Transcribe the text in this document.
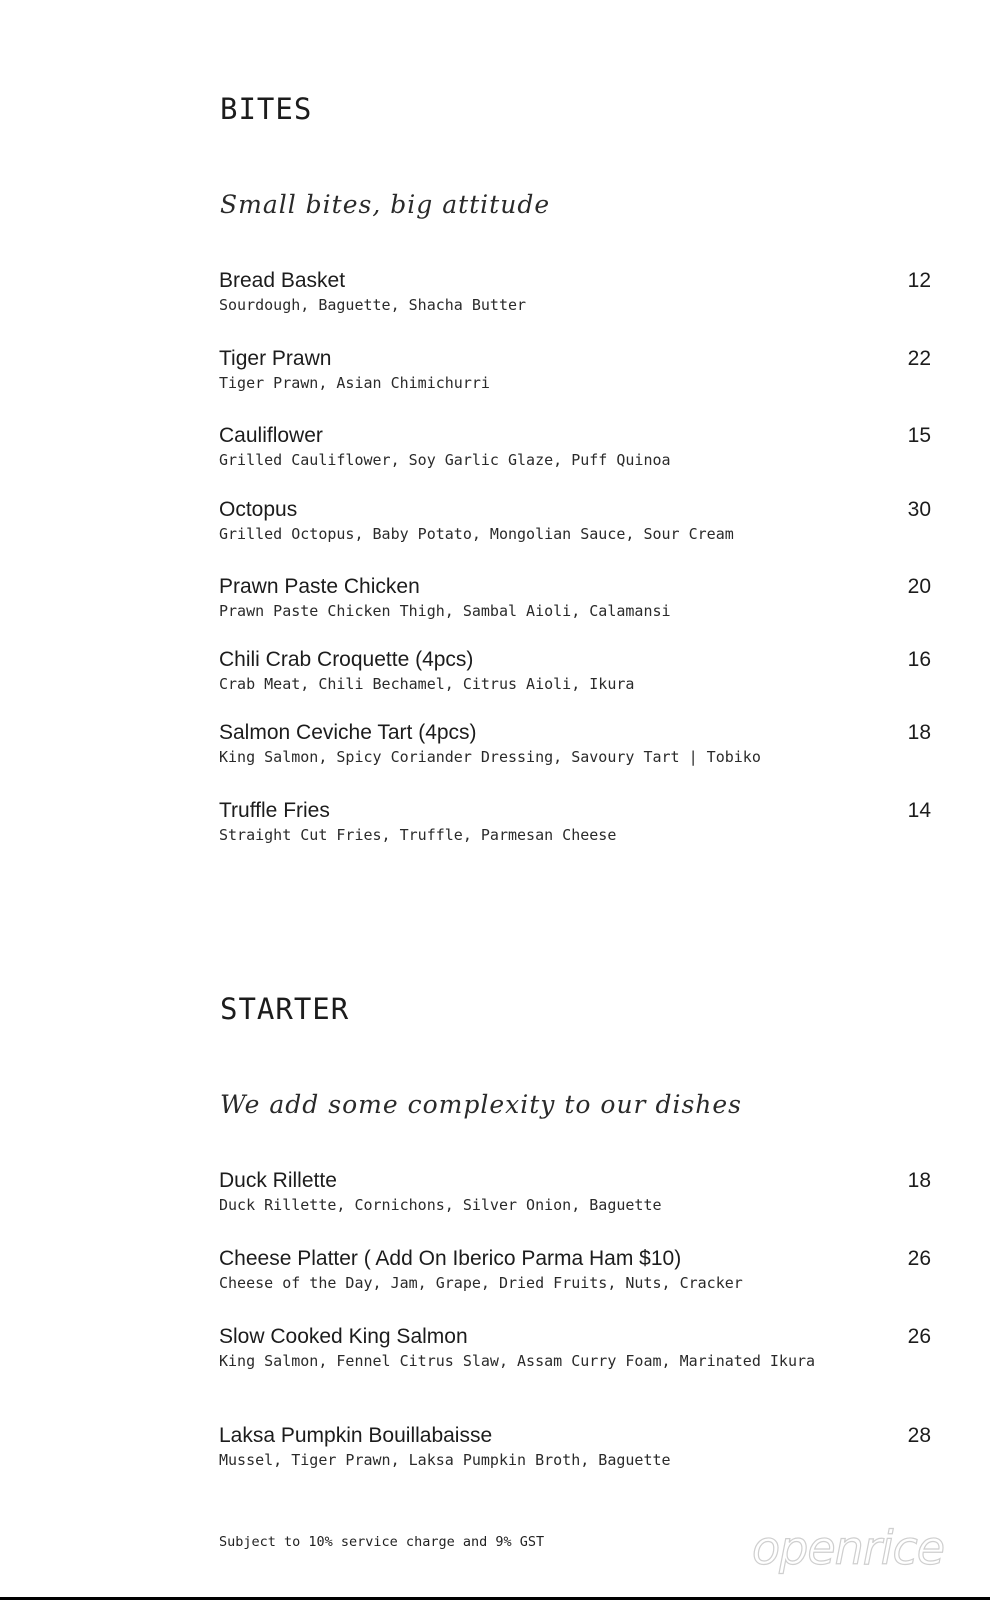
BITES
Small bites, big attitude
Bread Basket
Sourdough, Baguette, Shacha Butter
12
Tiger Prawn
Tiger Prawn, Asian Chimichurri
22
Cauliflower
Grilled Cauliflower, Soy Garlic Glaze, Puff Quinoa
15
Octopus
Grilled Octopus, Baby Potato, Mongolian Sauce, Sour Cream
30
Prawn Paste Chicken
Prawn Paste Chicken Thigh, Sambal Aioli, Calamansi
20
Chili Crab Croquette (4pcs)
Crab Meat, Chili Bechamel, Citrus Aioli, Ikura
16
Salmon Ceviche Tart (4pcs)
King Salmon, Spicy Coriander Dressing, Savoury Tart | Tobiko
18
Truffle Fries
Straight Cut Fries, Truffle, Parmesan Cheese
14
STARTER
We add some complexity to our dishes
Duck Rillette
Duck Rillette, Cornichons, Silver Onion, Baguette
18
Cheese Platter ( Add On Iberico Parma Ham $10)
Cheese of the Day, Jam, Grape, Dried Fruits, Nuts, Cracker
26
Slow Cooked King Salmon
King Salmon, Fennel Citrus Slaw, Assam Curry Foam, Marinated Ikura
26
Laksa Pumpkin Bouillabaisse
Mussel, Tiger Prawn, Laksa Pumpkin Broth, Baguette
28
Subject to 10% service charge and 9% GST	openrice
